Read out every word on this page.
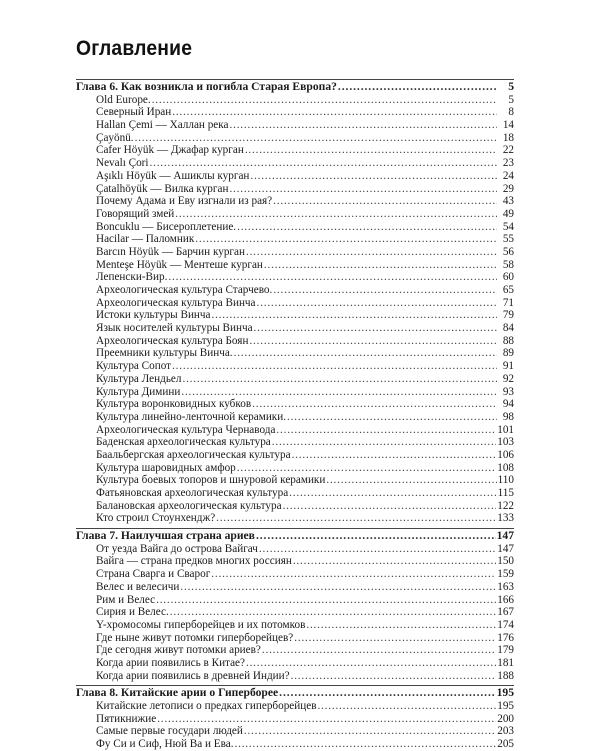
Оглавление
Глава 6. Как возникла и погибла Старая Европа? . . .	5
Old Europe. . . .	5
Северный Иран . . .	8
Hallan Çemi — Халлан река . . .	14
Çayönü. . . .	18
Cafer Höyük — Джафар курган . . .	22
Nevalı Çori . . .	23
Aşıklı Höyük — Ашиклы курган . . .	24
Çatalhöyük — Вилка курган . . .	29
Почему Адама и Еву изгнали из рая? . . .	43
Говорящий змей . . .	49
Boncuklu — Бисероплетение. . . .	54
Hacilar — Паломник . . .	55
Barcın Höyük — Барчин курган . . .	56
Menteşe Höyük — Ментеше курган . . .	58
Лепенски-Вир. . . .	60
Археологическая культура Старчево. . . .	65
Археологическая культура Винча . . .	71
Истоки культуры Винча . . .	79
Язык носителей культуры Винча . . .	84
Археологическая культура Боян . . .	88
Преемники культуры Винча. . . .	89
Культура Сопот . . .	91
Культура Лендьел . . .	92
Культура Димини . . .	93
Культура воронковидных кубков . . .	94
Культура линейно-ленточной керамики. . . .	98
Археологическая культура Чернавода . . .	101
Баденская археологическая культура . . .	103
Баальбергская археологическая культура . . .	106
Культура шаровидных амфор . . .	108
Культура боевых топоров и шнуровой керамики . . .	110
Фатьяновская археологическая культура . . .	115
Балановская археологическая культура . . .	122
Кто строил Стоунхендж? . . .	133
Глава 7. Наилучшая страна ариев . . .	147
От уезда Вайга до острова Вайгач . . .	147
Вайга — страна предков многих россиян . . .	150
Страна Сварга и Сварог . . .	159
Велес и велесичи . . .	163
Рим и Велес . . .	166
Сирия и Велес. . . .	167
Y-хромосомы гиперборейцев и их потомков . . .	174
Где ныне живут потомки гиперборейцев? . . .	176
Где сегодня живут потомки ариев? . . .	179
Когда арии появились в Китае? . . .	181
Когда арии появились в древней Индии? . . .	188
Глава 8. Китайские арии о Гиперборее . . .	195
Китайские летописи о предках гиперборейцев . . .	195
Пятикнижие . . .	200
Самые первые государи людей . . .	203
Фу Си и Сиф, Нюй Ва и Ева. . . .	205
